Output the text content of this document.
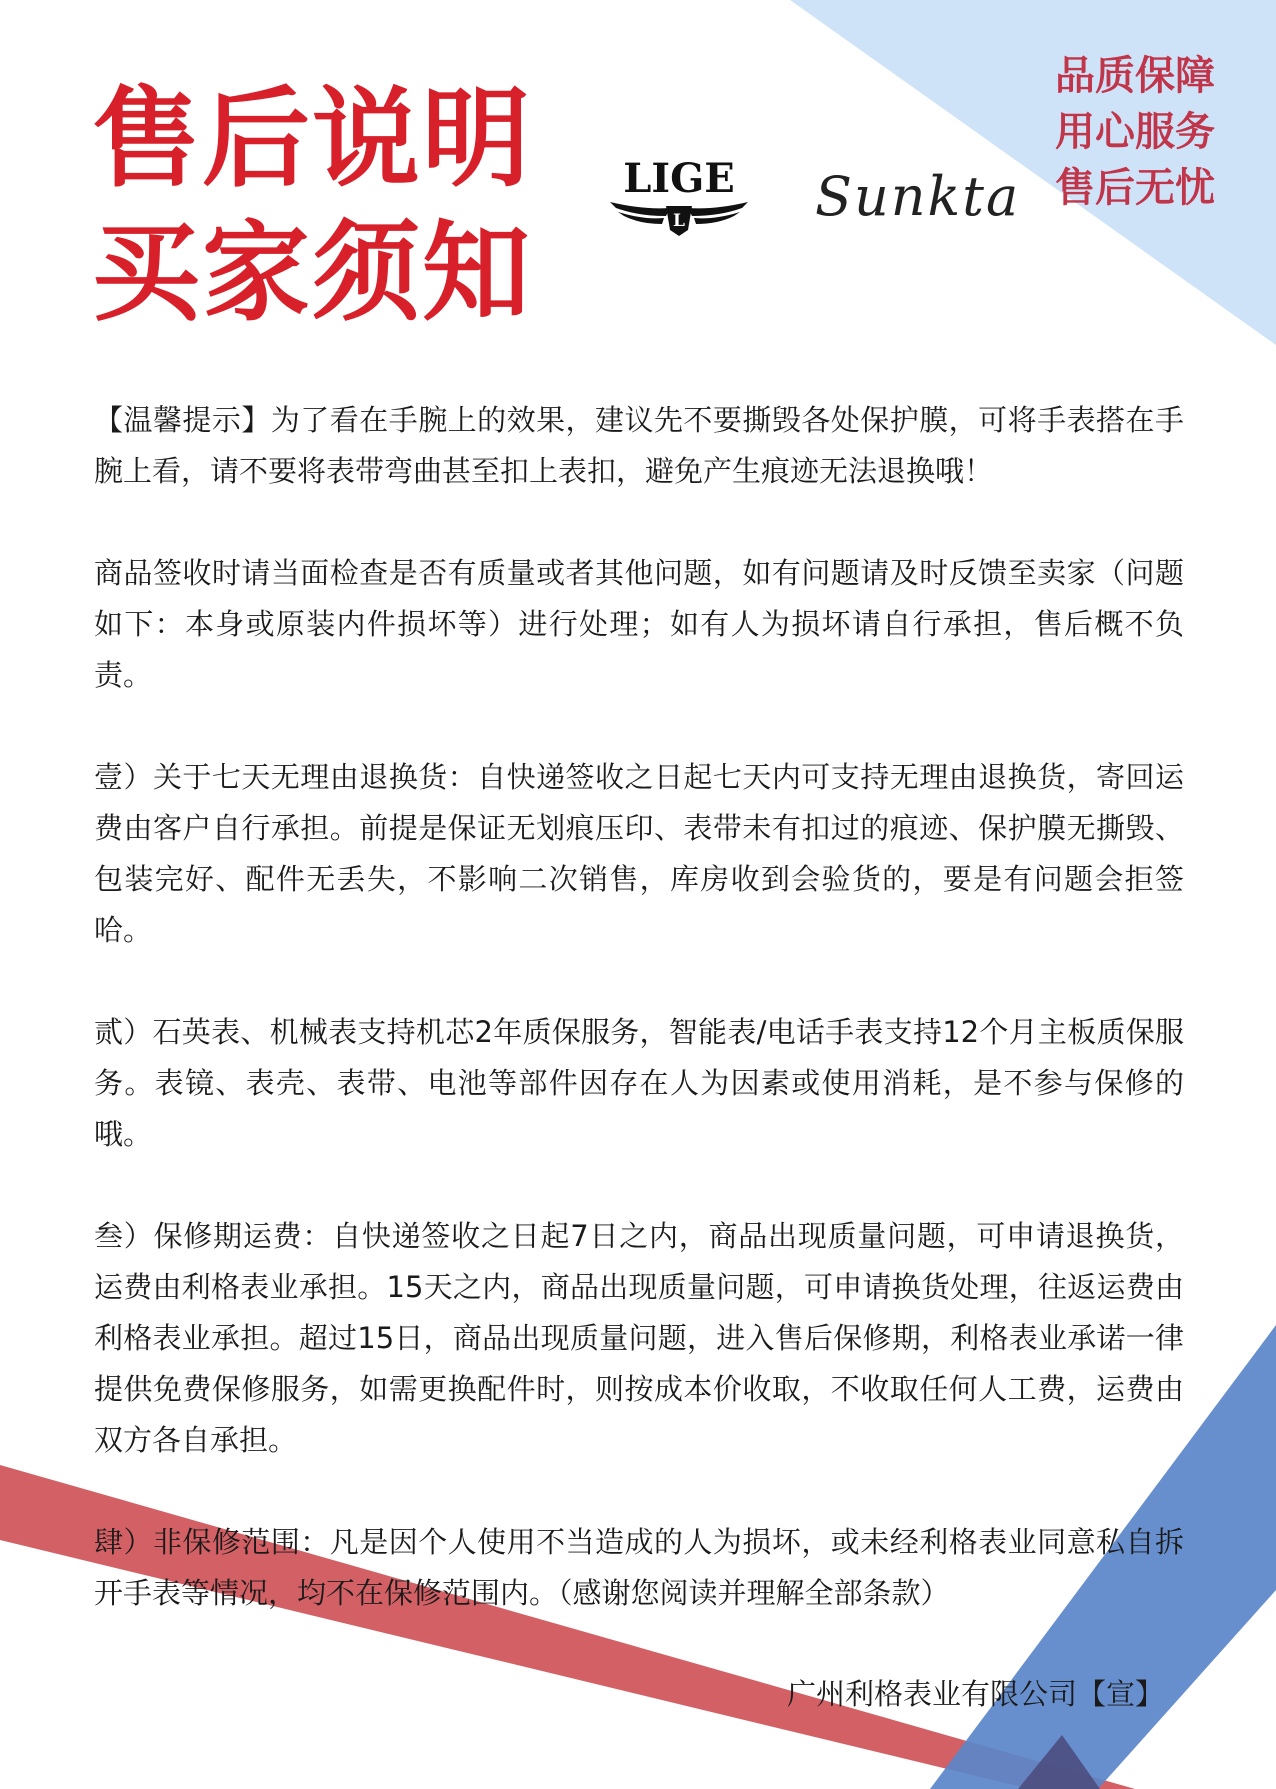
售后说明
买家须知
品质保障
用心服务
售后无忧
LIGE
L Sunkta

【温馨提示】为了看在手腕上的效果，建议先不要撕毁各处保护膜，可将手表搭在手腕上看，请不要将表带弯曲甚至扣上表扣，避免产生痕迹无法退换哦！

商品签收时请当面检查是否有质量或者其他问题，如有问题请及时反馈至卖家（问题如下：本身或原装内件损坏等）进行处理；如有人为损坏请自行承担，售后概不负责。

壹）关于七天无理由退换货：自快递签收之日起七天内可支持无理由退换货，寄回运费由客户自行承担。前提是保证无划痕压印、表带未有扣过的痕迹、保护膜无撕毁、包装完好、配件无丢失，不影响二次销售，库房收到会验货的，要是有问题会拒签哈。

贰）石英表、机械表支持机芯2年质保服务，智能表/电话手表支持12个月主板质保服务。表镜、表壳、表带、电池等部件因存在人为因素或使用消耗，是不参与保修的哦。

叁）保修期运费：自快递签收之日起7日之内，商品出现质量问题，可申请退换货，运费由利格表业承担。15天之内，商品出现质量问题，可申请换货处理，往返运费由利格表业承担。超过15日，商品出现质量问题，进入售后保修期，利格表业承诺一律提供免费保修服务，如需更换配件时，则按成本价收取，不收取任何人工费，运费由双方各自承担。

肆）非保修范围：凡是因个人使用不当造成的人为损坏，或未经利格表业同意私自拆开手表等情况，均不在保修范围内。（感谢您阅读并理解全部条款）

广州利格表业有限公司【宣】
